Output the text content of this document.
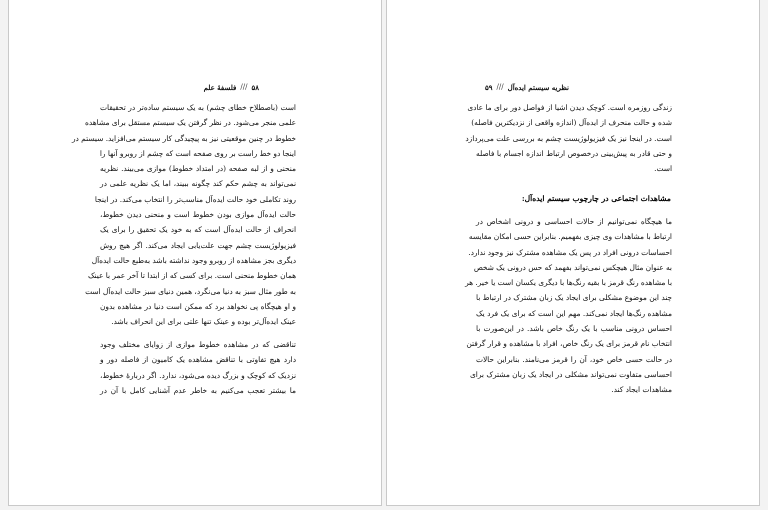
۵۸
///
فلسفهٔ علم
است (باصطلاح خطای چشم) به یک سیستم ساده‌تر در تحقیقات
علمی منجر می‌شود. در نظر گرفتن یک سیستم مستقل برای مشاهده
خطوط در چنین موقعیتی نیز به پیچیدگی کار سیستم می‌افزاید. سیستم در
اینجا دو خط راست بر روی صفحه است که چشم از روبرو آنها را
منحنی و از لبه صفحه (در امتداد خطوط) موازی می‌بیند. نظریه
نمی‌تواند به چشم حکم کند چگونه ببیند، اما یک نظریه علمی در
روند تکاملی خود حالت ایده‌آل مناسب‌تر را انتخاب می‌کند. در اینجا
حالت ایده‌آل موازی بودن خطوط است و منحنی دیدن خطوط،
انحراف از حالت ایده‌آل است که به خود یک تحقیق را برای یک
فیزیولوژیست چشم جهت علت‌یابی ایجاد می‌کند. اگر هیچ روش
دیگری بجز مشاهده از روبرو وجود نداشته باشد به‌طبع حالت ایده‌آل
همان خطوط منحنی است. برای کسی که از ابتدا تا آخر عمر با عینک
به طور مثال سبز به دنیا می‌نگرد، همین دنیای سبز حالت ایده‌آل است
و او هیچگاه پی نخواهد برد که ممکن است دنیا در مشاهده بدون
عینک ایده‌آل‌تر بوده و عینک تنها علتی برای این انحراف باشد.
تناقضی که در مشاهده خطوط موازی از زوایای مختلف وجود
دارد هیچ تفاوتی با تناقض مشاهده یک کامیون از فاصله دور و
نزدیک که کوچک و بزرگ دیده می‌شود، ندارد. اگر دربارهٔ خطوط،
ما بیشتر تعجب می‌کنیم به خاطر عدم آشنایی کامل با آن در
نظریه سیستم ایده‌آل
///
۵۹
زندگی روزمره است. کوچک دیدن اشیا از فواصل دور برای ما عادی
شده و حالت منحرف از ایده‌آل (اندازه واقعی از نزدیکترین فاصله)
است. در اینجا نیز یک فیزیولوژیست چشم به بررسی علت می‌پردازد
و حتی قادر به پیش‌بینی درخصوص ارتباط اندازه اجسام با فاصله
است.
مشاهدات اجتماعی در چارچوب سیستم ایده‌آل:
ما هیچگاه نمی‌توانیم از حالات احساسی و درونی اشخاص در
ارتباط با مشاهدات وی چیزی بفهمیم. بنابراین حسی امکان مقایسه
احساسات درونی افراد در پس یک مشاهده مشترک نیز وجود ندارد.
به عنوان مثال هیچکس نمی‌تواند بفهمد که حس درونی یک شخص
با مشاهده رنگ قرمز با بقیه رنگ‌ها با دیگری یکسان است یا خیر. هر
چند این موضوع مشکلی برای ایجاد یک زبان مشترک در ارتباط با
مشاهده رنگ‌ها ایجاد نمی‌کند. مهم این است که برای یک فرد یک
احساس درونی مناسب با یک رنگ خاص باشد. در این‌صورت با
انتخاب نام قرمز برای یک رنگ خاص، افراد با مشاهده و قرار گرفتن
در حالت حسی خاص خود، آن را قرمز می‌نامند. بنابراین حالات
احساسی متفاوت نمی‌تواند مشکلی در ایجاد یک زبان مشترک برای
مشاهدات ایجاد کند.
